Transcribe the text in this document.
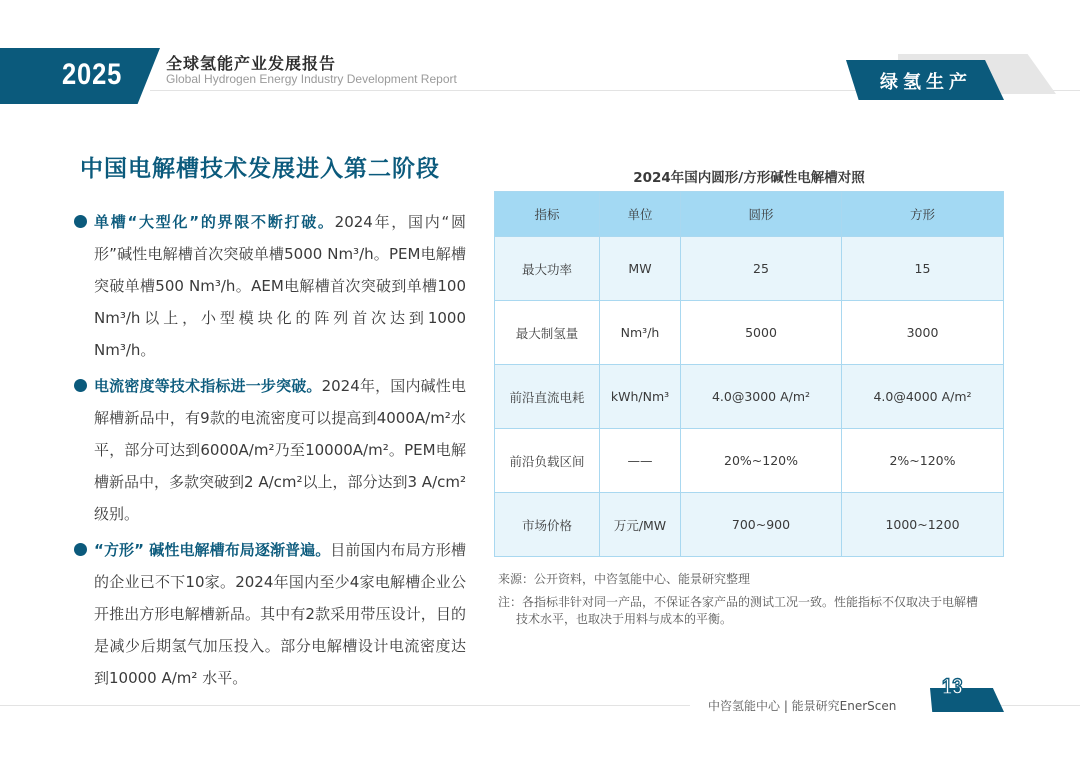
2025	全球氢能产业发展报告
Global Hydrogen Energy Industry Development Report	绿氢生产
中国电解槽技术发展进入第二阶段
单槽“大型化”的界限不断打破。2024年，国内“圆形”碱性电解槽首次突破单槽5000 Nm³/h。PEM电解槽突破单槽500 Nm³/h。AEM电解槽首次突破到单槽100 Nm³/h以上，小型模块化的阵列首次达到1000 Nm³/h。
电流密度等技术指标进一步突破。2024年，国内碱性电解槽新品中，有9款的电流密度可以提高到4000A/m²水平，部分可达到6000A/m²乃至10000A/m²。PEM电解槽新品中，多款突破到2 A/cm²以上，部分达到3 A/cm²级别。
“方形” 碱性电解槽布局逐渐普遍。目前国内布局方形槽的企业已不下10家。2024年国内至少4家电解槽企业公开推出方形电解槽新品。其中有2款采用带压设计，目的是减少后期氢气加压投入。部分电解槽设计电流密度达到10000 A/m² 水平。
2024年国内圆形/方形碱性电解槽对照
指标	单位	圆形	方形
最大功率	MW	25	15
最大制氢量	Nm³/h	5000	3000
前沿直流电耗	kWh/Nm³	4.0@3000 A/m²	4.0@4000 A/m²
前沿负载区间	——	20%~120%	2%~120%
市场价格	万元/MW	700~900	1000~1200
来源：公开资料，中咨氢能中心、能景研究整理
注：各指标非针对同一产品，不保证各家产品的测试工况一致。性能指标不仅取决于电解槽
技术水平，也取决于用料与成本的平衡。
中咨氢能中心 | 能景研究EnerScen
13
